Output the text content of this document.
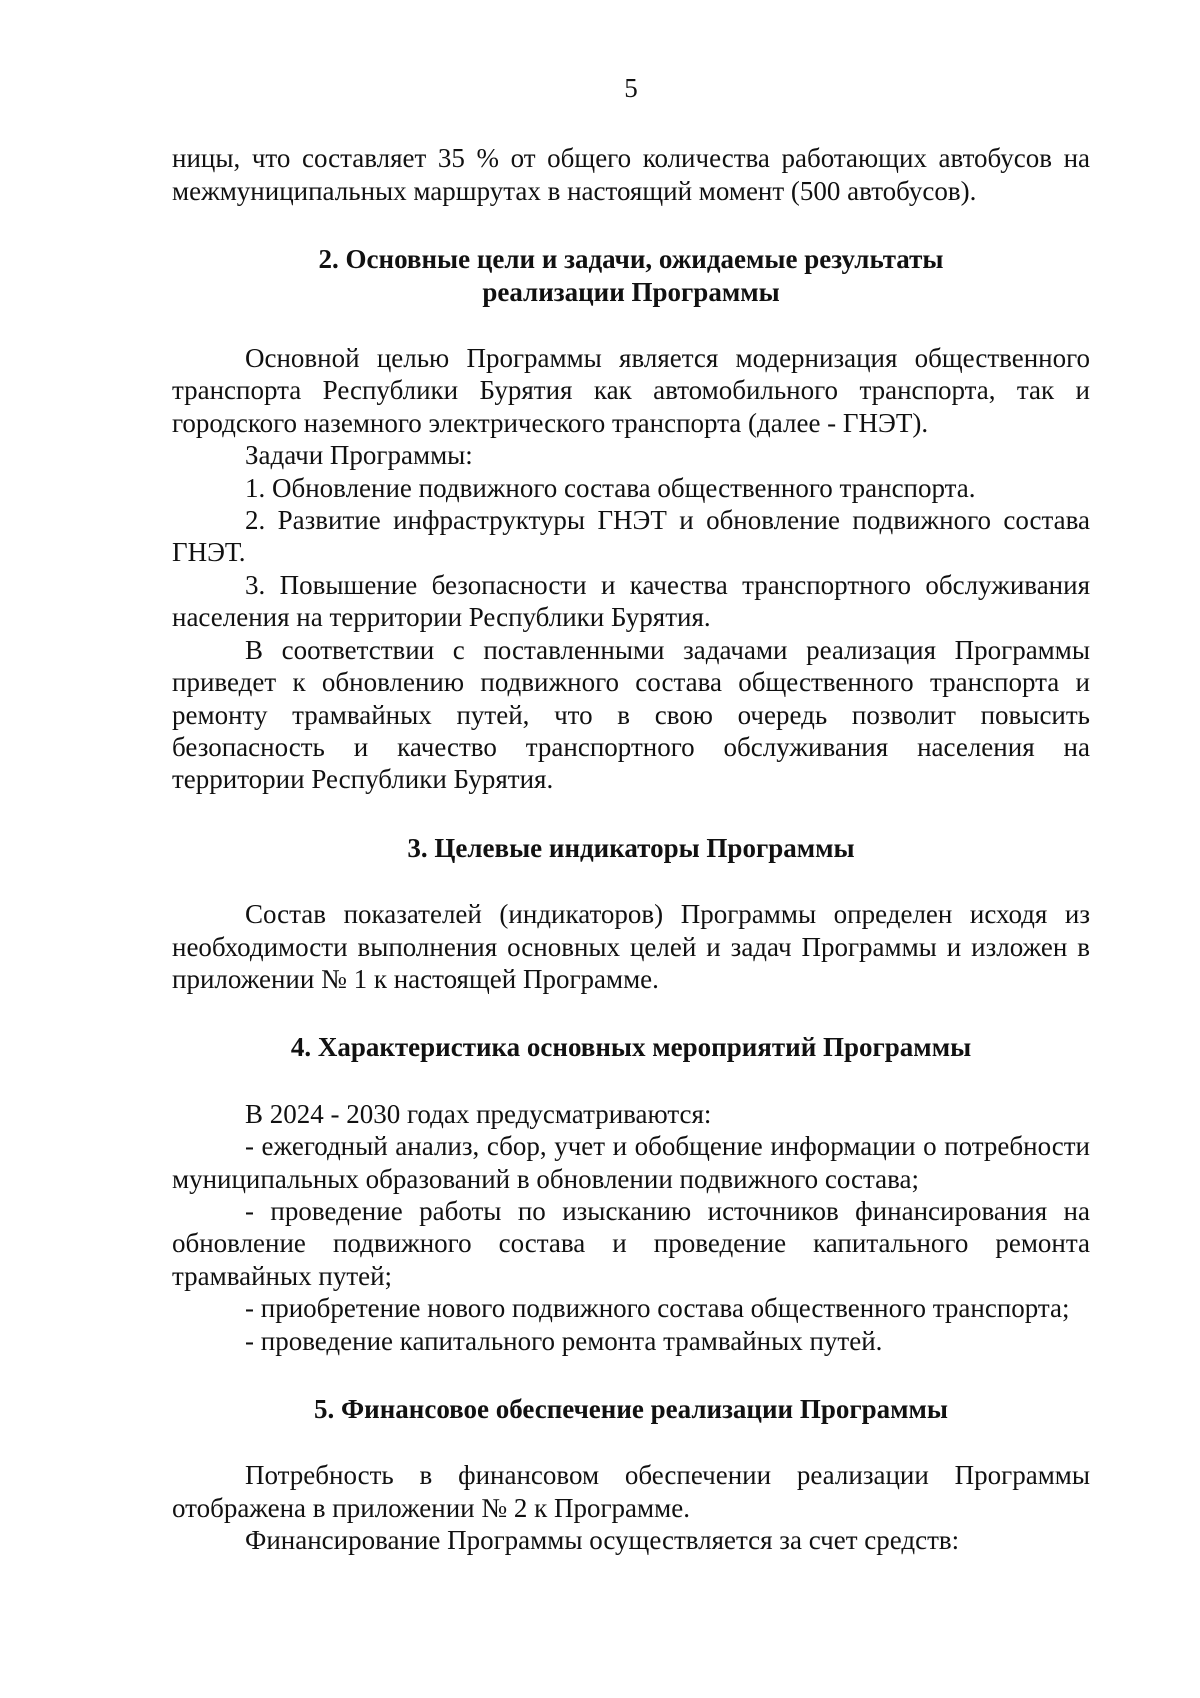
5

ницы, что составляет 35 % от общего количества работающих автобусов на межмуниципальных маршрутах в настоящий момент (500 автобусов).

2. Основные цели и задачи, ожидаемые результаты
реализации Программы

Основной целью Программы является модернизация общественного транспорта Республики Бурятия как автомобильного транспорта, так и городского наземного электрического транспорта (далее - ГНЭТ).

Задачи Программы:

1. Обновление подвижного состава общественного транспорта.

2. Развитие инфраструктуры ГНЭТ и обновление подвижного состава ГНЭТ.

3. Повышение безопасности и качества транспортного обслуживания населения на территории Республики Бурятия.

В соответствии с поставленными задачами реализация Программы приведет к обновлению подвижного состава общественного транспорта и ремонту трамвайных путей, что в свою очередь позволит повысить безопасность и качество транспортного обслуживания населения на территории Республики Бурятия.

3. Целевые индикаторы Программы

Состав показателей (индикаторов) Программы определен исходя из необходимости выполнения основных целей и задач Программы и изложен в приложении № 1 к настоящей Программе.

4. Характеристика основных мероприятий Программы

В 2024 - 2030 годах предусматриваются:

- ежегодный анализ, сбор, учет и обобщение информации о потребности муниципальных образований в обновлении подвижного состава;

- проведение работы по изысканию источников финансирования на обновление подвижного состава и проведение капитального ремонта трамвайных путей;

- приобретение нового подвижного состава общественного транспорта;

- проведение капитального ремонта трамвайных путей.

5. Финансовое обеспечение реализации Программы

Потребность в финансовом обеспечении реализации Программы отображена в приложении № 2 к Программе.

Финансирование Программы осуществляется за счет средств:
